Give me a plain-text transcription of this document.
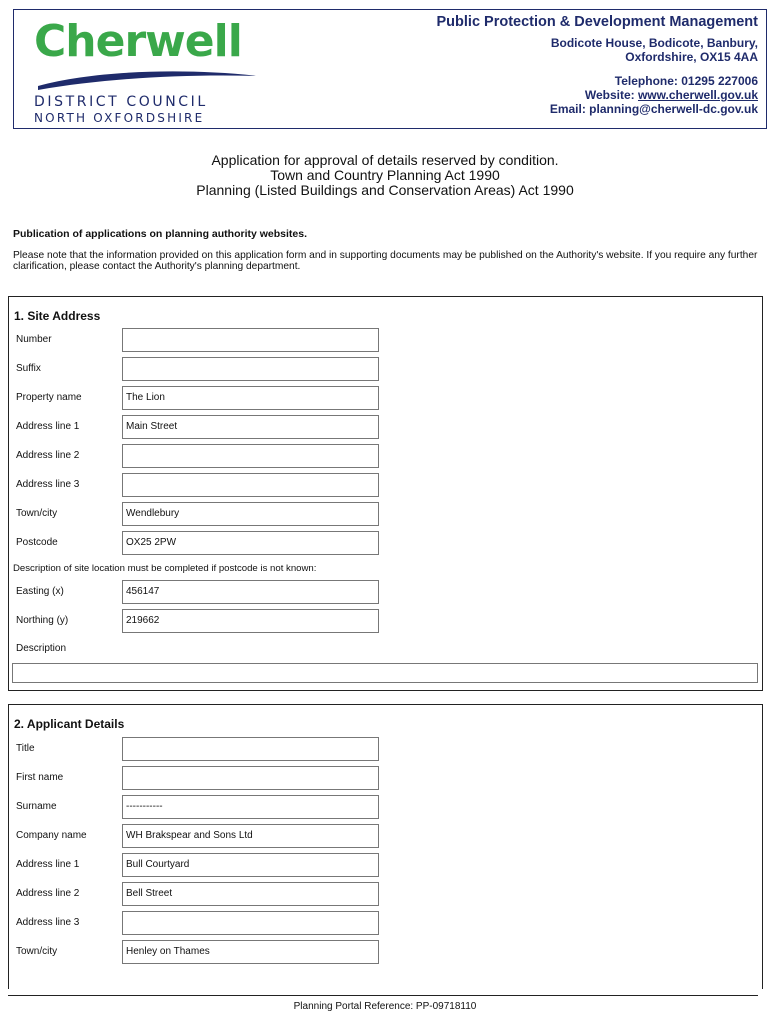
Cherwell
DISTRICT COUNCIL
NORTH OXFORDSHIRE
Public Protection & Development Management
Bodicote House, Bodicote, Banbury,
Oxfordshire, OX15 4AA
Telephone: 01295 227006
Website: www.cherwell.gov.uk
Email: planning@cherwell-dc.gov.uk
Application for approval of details reserved by condition.
Town and Country Planning Act 1990
Planning (Listed Buildings and Conservation Areas) Act 1990
Publication of applications on planning authority websites.
Please note that the information provided on this application form and in supporting documents may be published on the Authority's website. If you require any further clarification, please contact the Authority's planning department.
1. Site Address
Number
Suffix
Property name	The Lion
Address line 1	Main Street
Address line 2
Address line 3
Town/city	Wendlebury
Postcode	OX25 2PW
Description of site location must be completed if postcode is not known:
Easting (x)	456147
Northing (y)	219662
Description
2. Applicant Details
Title
First name
Surname	-----------
Company name	WH Brakspear and Sons Ltd
Address line 1	Bull Courtyard
Address line 2	Bell Street
Address line 3
Town/city	Henley on Thames
Planning Portal Reference: PP-09718110
